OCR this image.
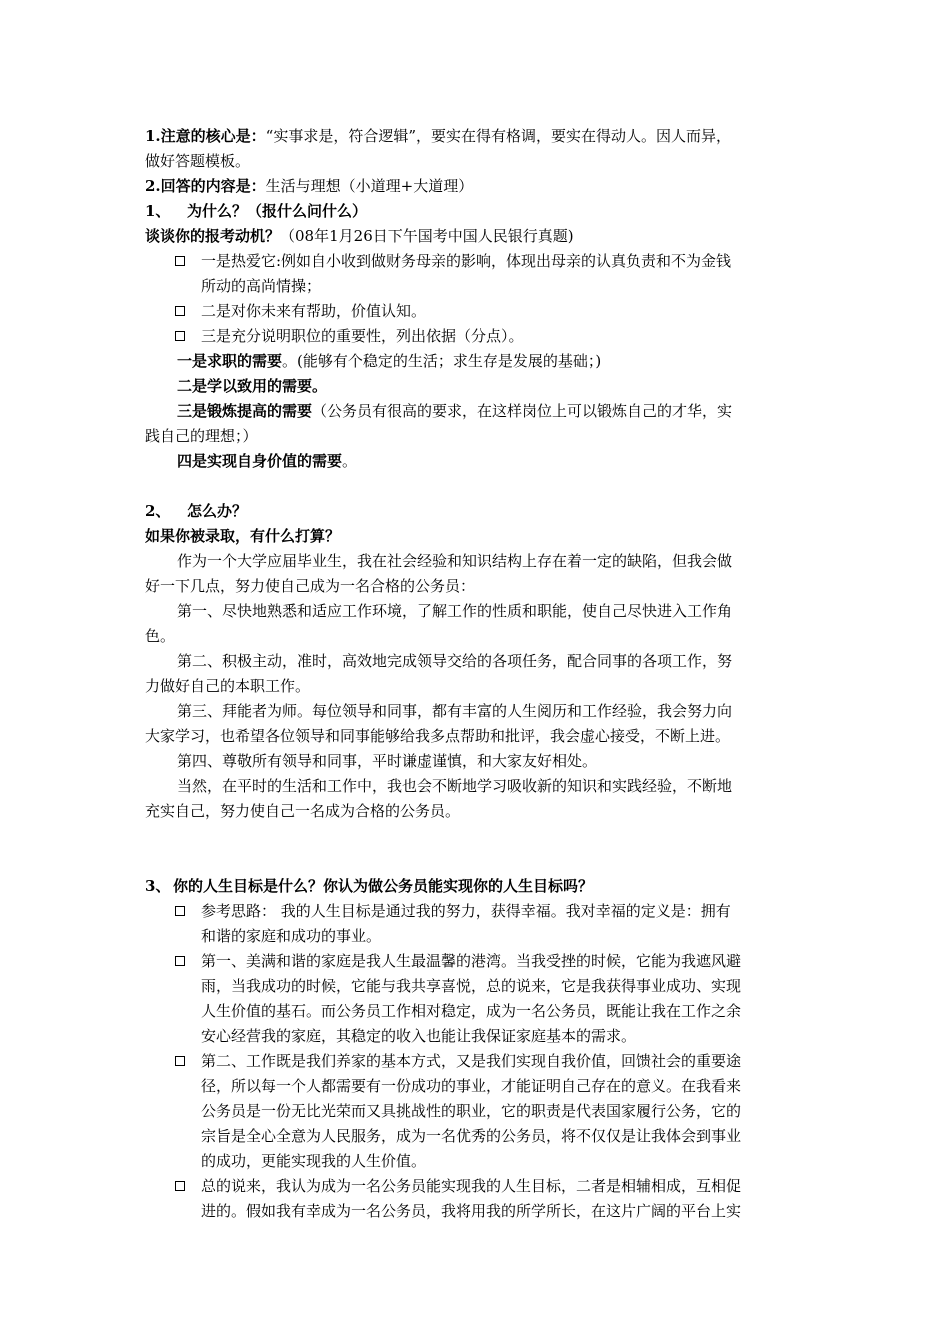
1.注意的核心是：“实事求是，符合逻辑”，要实在得有格调，要实在得动人。因人而异，

做好答题模板。

2.回答的内容是：生活与理想（小道理+大道理）

1、	为什么？（报什么问什么）

谈谈你的报考动机？（08年1月26日下午国考中国人民银行真题)

一是热爱它:例如自小收到做财务母亲的影响，体现出母亲的认真负责和不为金钱
所动的高尚情操；
二是对你未来有帮助，价值认知。
三是充分说明职位的重要性，列出依据（分点）。

一是求职的需要。(能够有个稳定的生活；求生存是发展的基础；)

二是学以致用的需要。

三是锻炼提高的需要（公务员有很高的要求，在这样岗位上可以锻炼自己的才华，实

践自己的理想；）

四是实现自身价值的需要。

2、	怎么办？

如果你被录取，有什么打算？

作为一个大学应届毕业生，我在社会经验和知识结构上存在着一定的缺陷，但我会做

好一下几点，努力使自己成为一名合格的公务员：

第一、尽快地熟悉和适应工作环境，了解工作的性质和职能，使自己尽快进入工作角

色。

第二、积极主动，准时，高效地完成领导交给的各项任务，配合同事的各项工作，努

力做好自己的本职工作。

第三、拜能者为师。每位领导和同事，都有丰富的人生阅历和工作经验，我会努力向

大家学习，也希望各位领导和同事能够给我多点帮助和批评，我会虚心接受，不断上进。

第四、尊敬所有领导和同事，平时谦虚谨慎，和大家友好相处。

当然，在平时的生活和工作中，我也会不断地学习吸收新的知识和实践经验，不断地

充实自己，努力使自己一名成为合格的公务员。

3、 你的人生目标是什么？你认为做公务员能实现你的人生目标吗？
参考思路： 我的人生目标是通过我的努力，获得幸福。我对幸福的定义是：拥有
和谐的家庭和成功的事业。
第一、美满和谐的家庭是我人生最温馨的港湾。当我受挫的时候，它能为我遮风避
雨，当我成功的时候，它能与我共享喜悦，总的说来，它是我获得事业成功、实现
人生价值的基石。而公务员工作相对稳定，成为一名公务员，既能让我在工作之余
安心经营我的家庭，其稳定的收入也能让我保证家庭基本的需求。
第二、工作既是我们养家的基本方式，又是我们实现自我价值，回馈社会的重要途
径，所以每一个人都需要有一份成功的事业，才能证明自己存在的意义。在我看来
公务员是一份无比光荣而又具挑战性的职业，它的职责是代表国家履行公务，它的
宗旨是全心全意为人民服务，成为一名优秀的公务员，将不仅仅是让我体会到事业
的成功，更能实现我的人生价值。
总的说来，我认为成为一名公务员能实现我的人生目标，二者是相辅相成，互相促
进的。假如我有幸成为一名公务员，我将用我的所学所长，在这片广阔的平台上实
